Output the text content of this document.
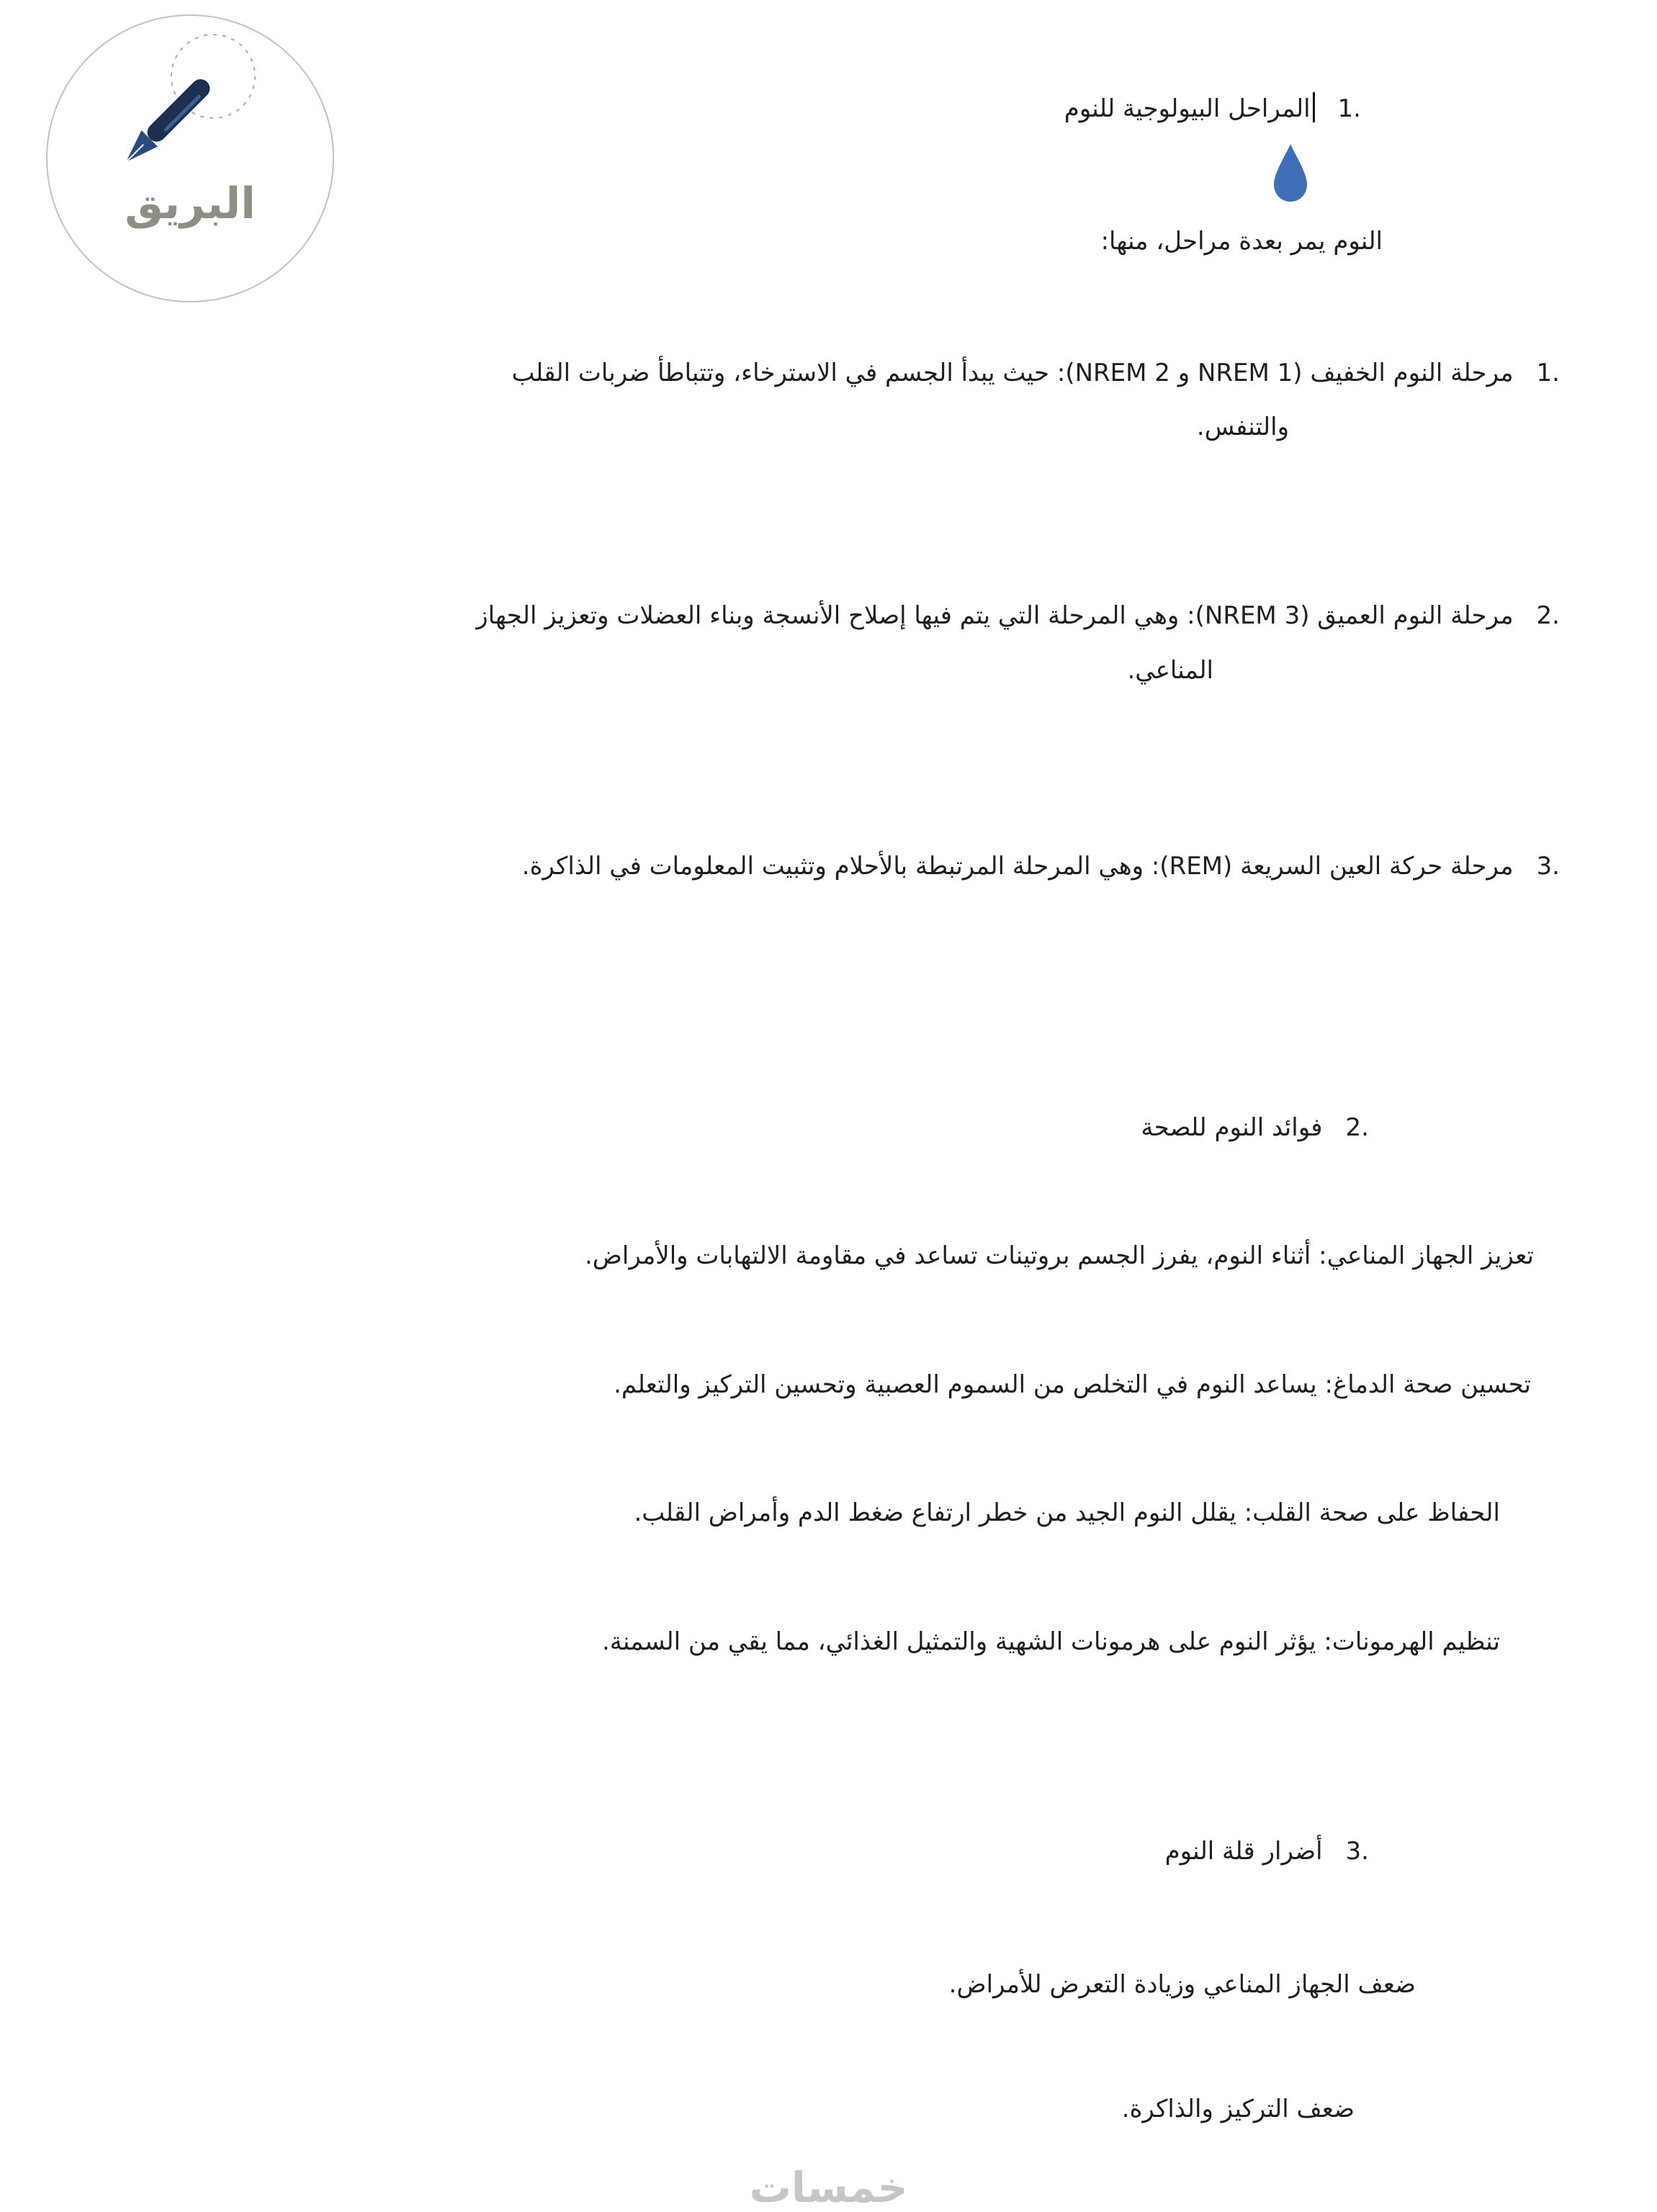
البريق
1.المراحل البيولوجية للنوم
النوم يمر بعدة مراحل، منها:
1.مرحلة النوم الخفيف (NREM 1 و NREM 2): حيث يبدأ الجسم في الاسترخاء، وتتباطأ ضربات القلب
والتنفس.
2.مرحلة النوم العميق (NREM 3): وهي المرحلة التي يتم فيها إصلاح الأنسجة وبناء العضلات وتعزيز الجهاز
المناعي.
3.مرحلة حركة العين السريعة (REM): وهي المرحلة المرتبطة بالأحلام وتثبيت المعلومات في الذاكرة.
2.فوائد النوم للصحة
تعزيز الجهاز المناعي: أثناء النوم، يفرز الجسم بروتينات تساعد في مقاومة الالتهابات والأمراض.
تحسين صحة الدماغ: يساعد النوم في التخلص من السموم العصبية وتحسين التركيز والتعلم.
الحفاظ على صحة القلب: يقلل النوم الجيد من خطر ارتفاع ضغط الدم وأمراض القلب.
تنظيم الهرمونات: يؤثر النوم على هرمونات الشهية والتمثيل الغذائي، مما يقي من السمنة.
3.أضرار قلة النوم
ضعف الجهاز المناعي وزيادة التعرض للأمراض.
ضعف التركيز والذاكرة.
خمسات
